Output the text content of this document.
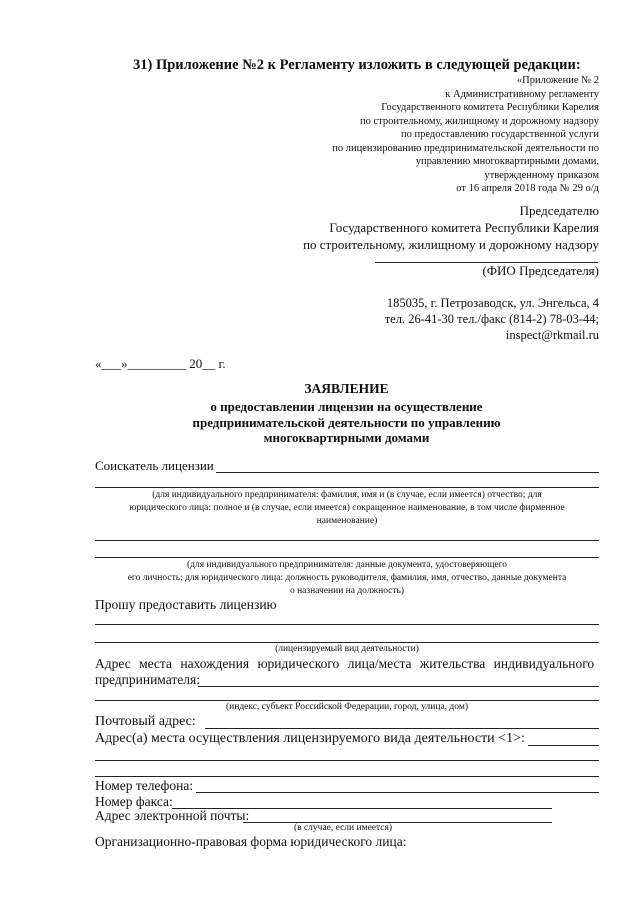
31) Приложение №2 к Регламенту изложить в следующей редакции:
«Приложение № 2
к Административному регламенту
Государственного комитета Республики Карелия
по строительному, жилищному и дорожному надзору
по предоставлению государственной услуги
по лицензированию предпринимательской деятельности по
управлению многоквартирными домами,
утвержденному приказом
от 16 апреля 2018 года № 29 о/д
Председателю
Государственного комитета Республики Карелия
по строительному, жилищному и дорожному надзору
(ФИО Председателя)
185035, г. Петрозаводск, ул. Энгельса, 4
тел. 26-41-30 тел./факс (814-2) 78-03-44;
inspect@rkmail.ru
«___»_________ 20__ г.
ЗАЯВЛЕНИЕ
о предоставлении лицензии на осуществление
предпринимательской деятельности по управлению
многоквартирными домами
Соискатель лицензии
(для индивидуального предпринимателя: фамилия, имя и (в случае, если имеется) отчество; для
юридического лица: полное и (в случае, если имеется) сокращенное наименование, в том числе фирменное
наименование)
(для индивидуального предпринимателя: данные документа, удостоверяющего
его личность; для юридического лица: должность руководителя, фамилия, имя, отчество, данные документа
о назначении на должность)
Прошу предоставить лицензию
(лицензируемый вид деятельности)
Адрес места нахождения юридического лица/места жительства индивидуального
предпринимателя:
(индекс, субъект Российской Федерации, город, улица, дом)
Почтовый адрес:
Адрес(а) места осуществления лицензируемого вида деятельности <1>:
Номер телефона:
Номер факса:
Адрес электронной почты:
(в случае, если имеется)
Организационно-правовая форма юридического лица:
